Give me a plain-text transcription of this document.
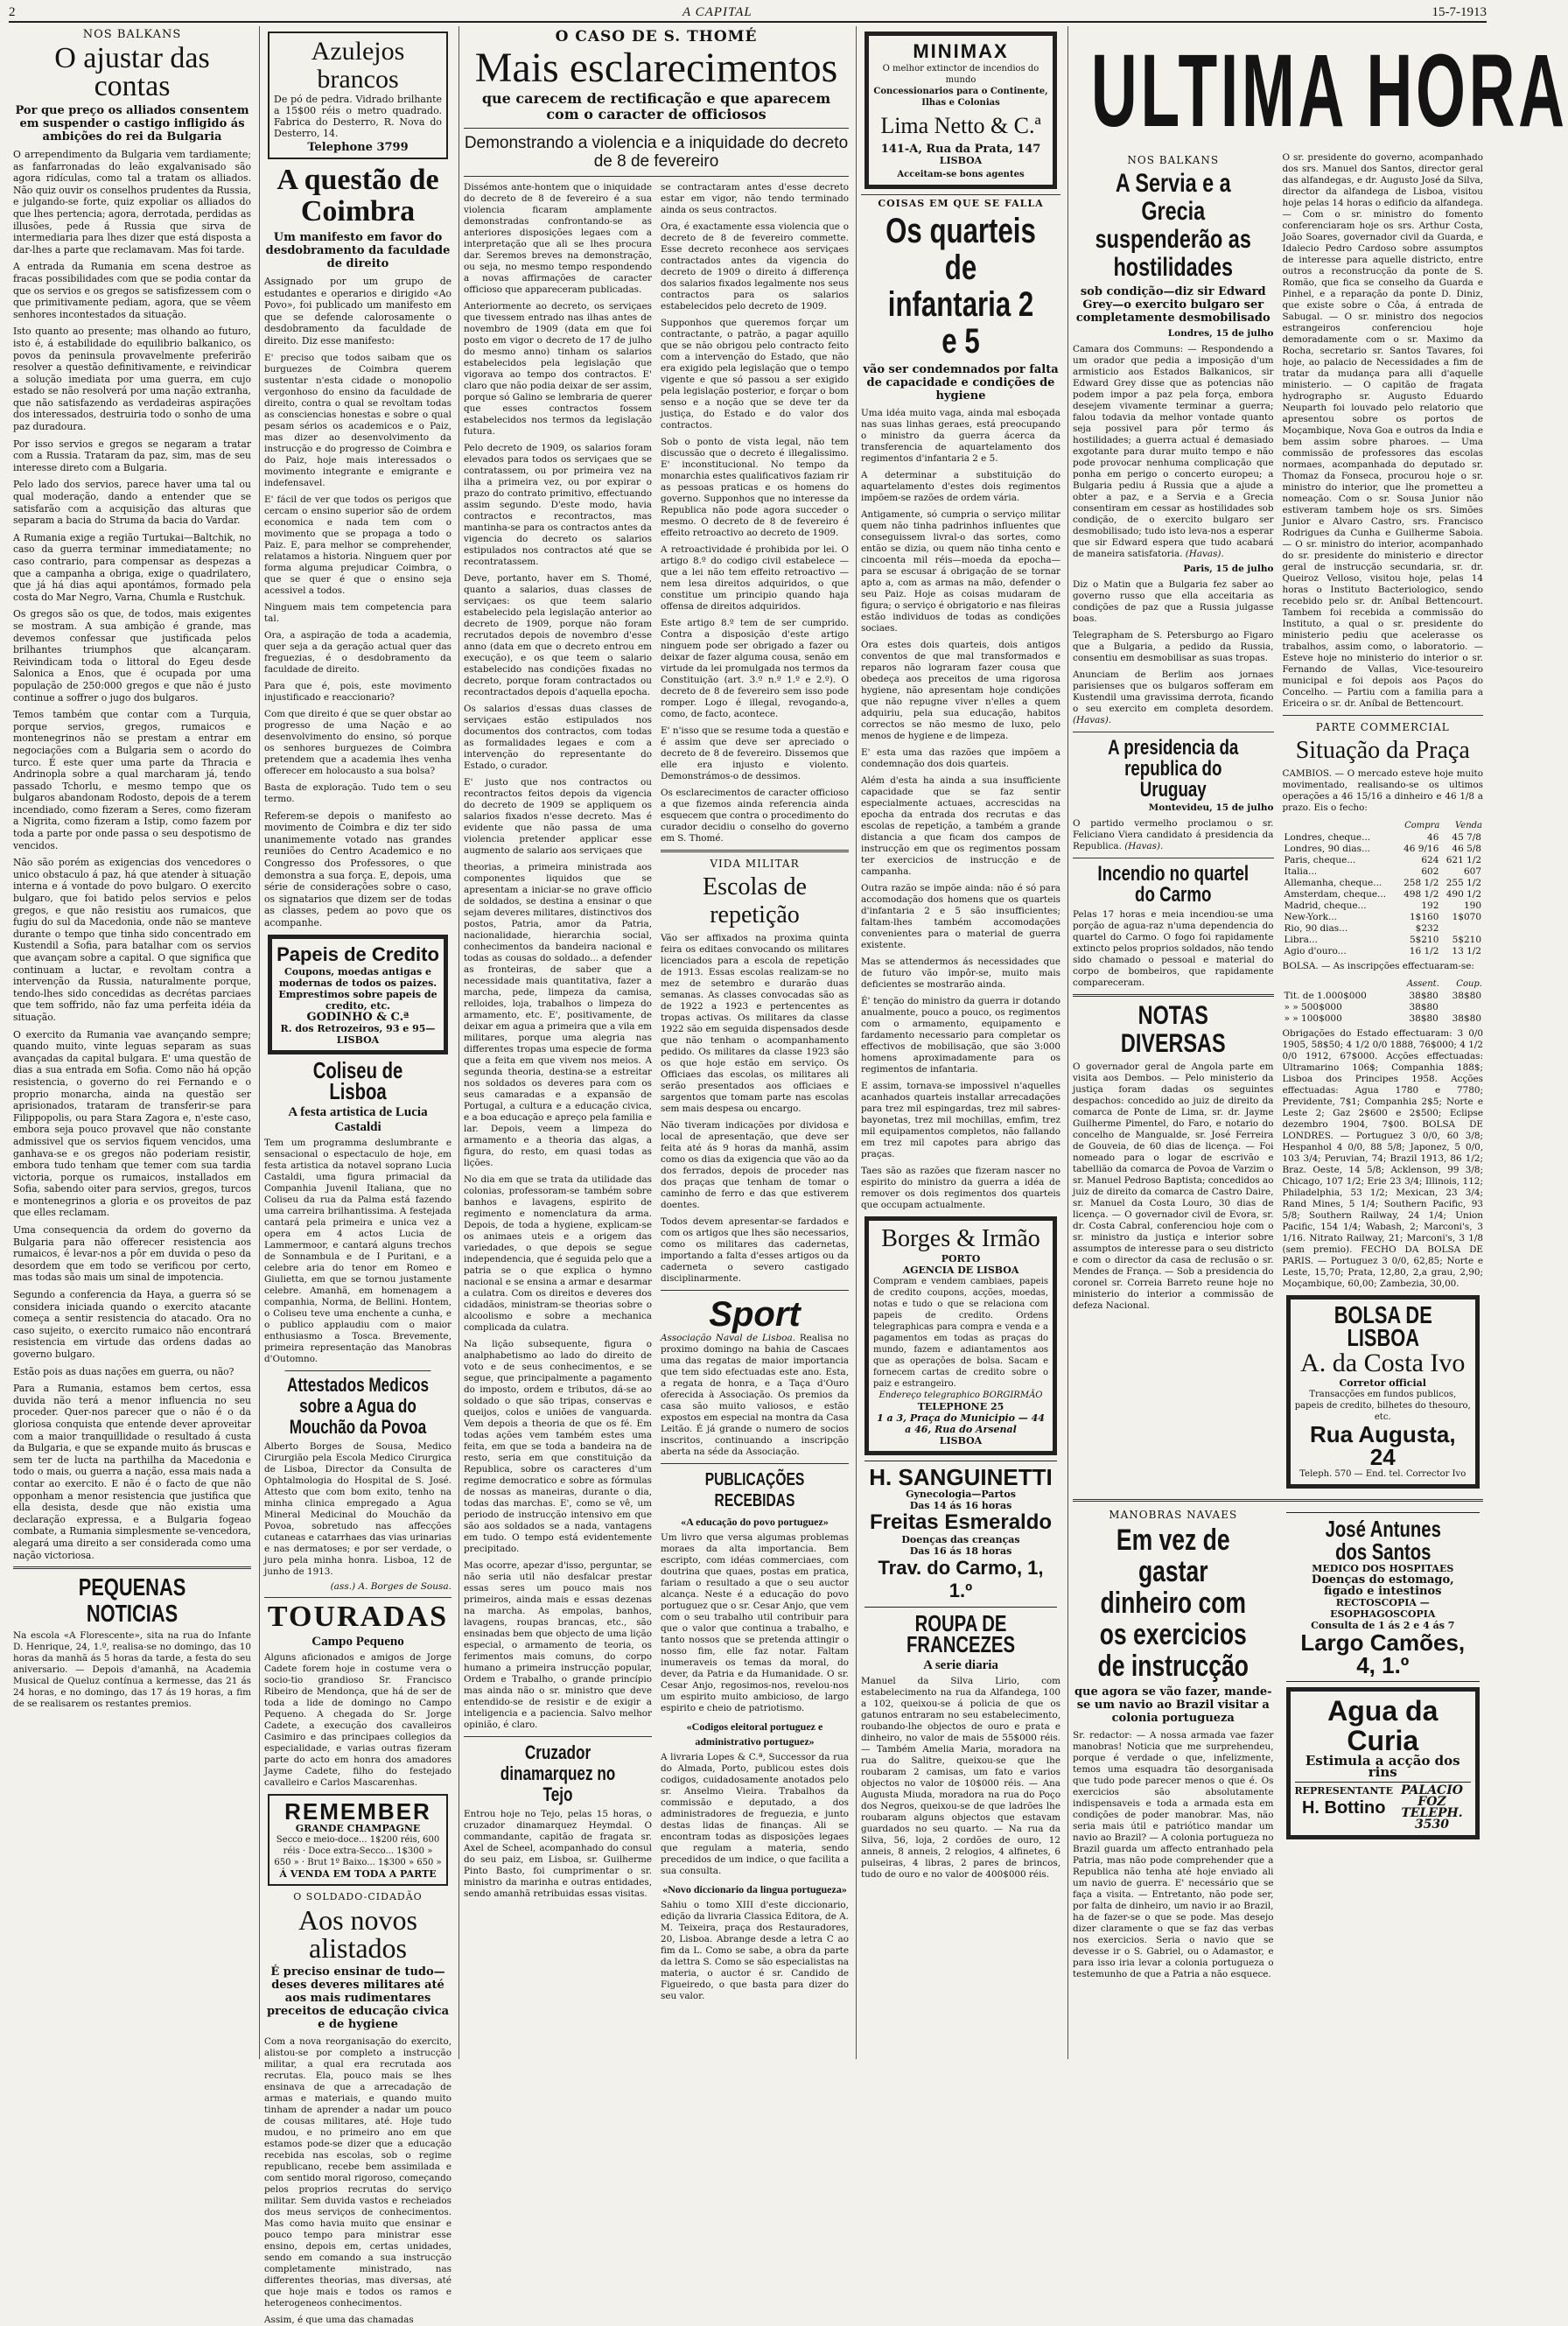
2	A CAPITAL	15-7-1913
NOS BALKANS
O ajustar das contas
Por que preço os alliados consentem em suspender o castigo infligido ás ambições do rei da Bulgaria

O arrependimento da Bulgaria vem tardiamente; as fanfarronadas do leão exgalvanisado são agora ridículas, como tal a tratam os alliados. Não quiz ouvir os conselhos prudentes da Russia, e julgando-se forte, quiz expoliar os alliados do que lhes pertencia; agora, derrotada, perdidas as illusões, pede á Russia que sirva de intermediaria para lhes dizer que está disposta a dar-lhes a parte que reclamavam. Mas foi tarde.

A entrada da Rumania em scena destroe as fracas possibilidades com que se podia contar da que os servios e os gregos se satisfizessem com o que primitivamente pediam, agora, que se vêem senhores incontestados da situação.

Isto quanto ao presente; mas olhando ao futuro, isto é, á estabilidade do equilibrio balkanico, os povos da peninsula provavelmente preferirão resolver a questão definitivamente, e reivindicar a solução imediata por uma guerra, em cujo estado se não resolverá por uma nação extranha, que não satisfazendo as verdadeiras aspirações dos interessados, destruiria todo o sonho de uma paz duradoura.

Por isso servios e gregos se negaram a tratar com a Russia. Trataram da paz, sim, mas de seu interesse direto com a Bulgaria.

Pelo lado dos servios, parece haver uma tal ou qual moderação, dando a entender que se satisfarão com a acquisição das alturas que separam a bacia do Struma da bacia do Vardar.

A Rumania exige a região Turtukai—Baltchik, no caso da guerra terminar immediatamente; no caso contrario, para compensar as despezas a que a campanha a obriga, exige o quadrilatero, que já há dias aqui apontámos, formado pela costa do Mar Negro, Varna, Chumla e Rustchuk.

Os gregos são os que, de todos, mais exigentes se mostram. A sua ambição é grande, mas devemos confessar que justificada pelos brilhantes triumphos que alcançaram. Reivindicam toda o littoral do Egeu desde Salonica a Enos, que é ocupada por uma população de 250:000 gregos e que não é justo continue a soffrer o jugo dos bulgaros.

Temos também que contar com a Turquia, porque servios, gregos, rumaicos e montenegrinos não se prestam a entrar em negociações com a Bulgaria sem o acordo do turco. É este quer uma parte da Thracia e Andrinopla sobre a qual marcharam já, tendo passado Tchorlu, e mesmo tempo que os bulgaros abandonam Rodosto, depois de a terem incendiado, como fizeram a Seres, como fizeram a Nigrita, como fizeram a Istip, como fazem por toda a parte por onde passa o seu despotismo de vencidos.

Não são porém as exigencias dos vencedores o unico obstaculo á paz, há que atender à situação interna e á vontade do povo bulgaro. O exercito bulgaro, que foi batido pelos servios e pelos gregos, e que não resistiu aos rumaicos, que fugiu do sul da Macedonia, onde não se manteve durante o tempo que tinha sido concentrado em Kustendil a Sofia, para batalhar com os servios que avançam sobre a capital. O que significa que continuam a luctar, e revoltam contra a intervenção da Russia, naturalmente porque, tendo-lhes sido concedidas as decrétas parciaes que tem soffrido, não faz uma perfeita idéia da situação.

O exercito da Rumania vae avançando sempre; quando muito, vinte leguas separam as suas avançadas da capital bulgara. E' uma questão de dias a sua entrada em Sofia. Como não há opção resistencia, o governo do rei Fernando e o proprio monarcha, ainda na questão ser aprisionados, trataram de transferir-se para Filippopolis, ou para Stara Zagora e, n'este caso, embora seja pouco provavel que não constante admissivel que os servios fiquem vencidos, uma ganhava-se e os gregos não poderiam resistir, embora tudo tenham que temer com sua tardia victoria, porque os rumaicos, installados em Sofia, sabendo oiter para servios, gregos, turcos e montenegrinos a gloria e os proveitos de paz que elles reclamam.

Uma consequencia da ordem do governo da Bulgaria para não offerecer resistencia aos rumaicos, é levar-nos a pôr em duvida o peso da desordem que em todo se verificou por certo, mas todas são mais um sinal de impotencia.

Segundo a conferencia da Haya, a guerra só se considera iniciada quando o exercito atacante começa a sentir resistencia do atacado. Ora no caso sujeito, o exercito rumaico não encontrará resistencia em virtude das ordens dadas ao governo bulgaro.

Estão pois as duas nações em guerra, ou não?

Para a Rumania, estamos bem certos, essa duvida não terá a menor influencia no seu proceder. Quer-nos parecer que o não é o da gloriosa conquista que entende dever aproveitar com a maior tranquillidade o resultado á custa da Bulgaria, e que se expande muito ás bruscas e sem ter de lucta na parthilha da Macedonia e todo o mais, ou guerra a nação, essa mais nada a contar ao exercito. E não é o facto de que não opponham a menor resistencia que justifica que ella desista, desde que não existia uma declaração expressa, e a Bulgaria fogeao combate, a Rumania simplesmente se-vencedora, alegará uma direito a ser considerada como uma nação victoriosa.

PEQUENAS NOTICIAS

Na escola «A Florescente», sita na rua do Infante D. Henrique, 24, 1.º, realisa-se no domingo, das 10 horas da manhã ás 5 horas da tarde, a festa do seu aniversario. — Depois d'amanhã, na Academia Musical de Queluz contínua a kermesse, das 21 ás 24 horas, e no domingo, das 17 ás 19 horas, a fim de se realisarem os restantes premios.

Azulejos brancos
De pó de pedra. Vidrado brilhante a 15$00 réis o metro quadrado. Fabrica do Desterro, R. Nova do Desterro, 14.
Telephone 3799
A questão de Coimbra
Um manifesto em favor do desdobramento da faculdade de direito

Assignado por um grupo de estudantes e operarios e dirigido «Ao Povo», foi publicado um manifesto em que se defende calorosamente o desdobramento da faculdade de direito. Diz esse manifesto:

E' preciso que todos saibam que os burguezes de Coimbra querem sustentar n'esta cidade o monopolio vergonhoso do ensino da faculdade de direito, contra o qual se revoltam todas as consciencias honestas e sobre o qual pesam sérios os academicos e o Paiz, mas dizer ao desenvolvimento da instrucção e do progresso de Coimbra e do Paiz, hoje mais interessados o movimento integrante e emigrante e indefensavel.

E' fácil de ver que todos os perigos que cercam o ensino superior são de ordem economica e nada tem com o movimento que se propaga a todo o Paiz. E, para melhor se comprehender, relatamos a historia. Ninguem quer por forma alguma prejudicar Coimbra, o que se quer é que o ensino seja acessivel a todos.

Ninguem mais tem competencia para tal.

Ora, a aspiração de toda a academia, quer seja a da geração actual quer das freguezias, é o desdobramento da faculdade de direito.

Para que é, pois, este movimento injustificado e reaccionario?

Com que direito é que se quer obstar ao progresso de uma Nação e ao desenvolvimento do ensino, só porque os senhores burguezes de Coimbra pretendem que a academia lhes venha offerecer em holocausto a sua bolsa?

Basta de exploração. Tudo tem o seu termo.

Referem-se depois o manifesto ao movimento de Coimbra e diz ter sido unanimemente votado nas grandes reuniões do Centro Academico e no Congresso dos Professores, o que demonstra a sua força. E, depois, uma série de considerações sobre o caso, os signatarios que dizem ser de todas as classes, pedem ao povo que os acompanhe.

Papeis de Credito
Coupons, moedas antigas e modernas de todos os paizes.
Emprestimos sobre papeis de credito, etc.
GODINHO & C.ª
R. dos Retrozeiros, 93 e 95—LISBOA
Coliseu de Lisboa
A festa artistica de Lucia Castaldi

Tem um programma deslumbrante e sensacional o espectaculo de hoje, em festa artistica da notavel soprano Lucia Castaldi, uma figura primacial da Companhia Juvenil Italiana, que no Coliseu da rua da Palma está fazendo uma carreira brilhantissima. A festejada cantará pela primeira e unica vez a opera em 4 actos Lucia de Lammermoor, e cantará alguns trechos de Sonnambula e de I Puritani, e a celebre aria do tenor em Romeo e Giulietta, em que se tornou justamente celebre. Amanhã, em homenagem a companhia, Norma, de Bellini. Hontem, o Coliseu teve uma enchente a cunha, e o publico applaudiu com o maior enthusiasmo a Tosca. Brevemente, primeira representação das Manobras d'Outomno.

Attestados Medicos sobre a Agua do Mouchão da Povoa

Alberto Borges de Sousa, Medico Cirurgião pela Escola Medico Cirurgica de Lisboa, Director da Consulta de Ophtalmologia do Hospital de S. José. Attesto que com bom exito, tenho na minha clinica empregado a Agua Mineral Medicinal do Mouchão da Povoa, sobretudo nas affecções cutaneas e catarrhaes das vias urinarias e nas dermatoses; e por ser verdade, o juro pela minha honra. Lisboa, 12 de junho de 1913.

(ass.) A. Borges de Sousa.
TOURADAS
Campo Pequeno

Alguns aficionados e amigos de Jorge Cadete forem hoje in costume vera o socio-tio grandioso Sr. Francisco Ribeiro de Mendonça, que há de ser de toda a lide de domingo no Campo Pequeno. A chegada do Sr. Jorge Cadete, a execução dos cavalleiros Casimiro e das principaes collegios da especialidade, e varias outras fizeram parte do acto em honra dos amadores Jayme Cadete, filho do festejado cavalleiro e Carlos Mascarenhas.

REMEMBER
GRANDE CHAMPAGNE
Secco e meio-doce... 1$200 réis, 600 réis · Doce extra-Secco... 1$300 » 650 » · Brut 1º Baixo... 1$300 » 650 »
Á VENDA EM TODA A PARTE
O SOLDADO-CIDADÃO
Aos novos alistados
É preciso ensinar de tudo—deses deveres militares até aos mais rudimentares preceitos de educação civica e de hygiene

Com a nova reorganisação do exercito, alistou-se por completo a instrucção militar, a qual era recrutada aos recrutas. Ela, pouco mais se lhes ensinava de que a arrecadação de armas e materiais, e quando muito tinham de aprender a nadar um pouco de cousas militares, até. Hoje tudo mudou, e no primeiro ano em que estamos pode-se dizer que a educação recebida nas escolas, sob o regime republicano, recebe bem assimilada e com sentido moral rigoroso, começando pelos proprios recrutas do serviço militar. Sem duvida vastos e recheiados dos meus serviços de conhecimentos. Mas como havia muito que ensinar e pouco tempo para ministrar esse ensino, depois em, certas unidades, sendo em comando a sua instrucção completamente ministrado, nas differentes theorias, mas diversas, até que hoje mais e todos os ramos e heterogeneos conhecimentos.

Assim, é que uma das chamadas

O CASO DE S. THOMÉ
Mais esclarecimentos
que carecem de rectificação e que aparecem com o caracter de officiosos
Demonstrando a violencia e a iniquidade do decreto de 8 de fevereiro

Dissémos ante-hontem que o iniquidade do decreto de 8 de fevereiro é a sua violencia ficaram amplamente demonstradas confrontando-se as anteriores disposições legaes com a interpretação que ali se lhes procura dar. Seremos breves na demonstração, ou seja, no mesmo tempo respondendo a novas affirmações de caracter officioso que appareceram publicadas.

Anteriormente ao decreto, os serviçaes que tivessem entrado nas ilhas antes de novembro de 1909 (data em que foi posto em vigor o decreto de 17 de julho do mesmo anno) tinham os salarios estabelecidos pela legislação que vigorava ao tempo dos contractos. E' claro que não podia deixar de ser assim, porque só Galino se lembraria de querer que esses contractos fossem estabelecidos nos termos da legislação futura.

Pelo decreto de 1909, os salarios foram elevados para todos os serviçaes que se contratassem, ou por primeira vez na ilha a primeira vez, ou por expirar o prazo do contrato primitivo, effectuando assim segundo. D'este modo, havia contractos e recontractos, mas mantinha-se para os contractos antes da vigencia do decreto os salarios estipulados nos contractos até que se recontratassem.

Deve, portanto, haver em S. Thomé, quanto a salarios, duas classes de serviçaes: os que teem salario estabelecido pela legislação anterior ao decreto de 1909, porque não foram recrutados depois de novembro d'esse anno (data em que o decreto entrou em execução), e os que teem o salario estabelecido nas condições fixadas no decreto, porque foram contractados ou recontractados depois d'aquella epocha.

Os salarios d'essas duas classes de serviçaes estão estipulados nos documentos dos contractos, com todas as formalidades legaes e com a intervenção do representante do Estado, o curador.

E' justo que nos contractos ou recontractos feitos depois da vigencia do decreto de 1909 se appliquem os salarios fixados n'esse decreto. Mas é evidente que não passa de uma violencia pretender applicar esse augmento de salario aos serviçaes que

theorias, a primeira ministrada aos componentes liquidos que se apresentam a iniciar-se no grave officio de soldados, se destina a ensinar o que sejam deveres militares, distinctivos dos postos, Patria, amor da Patria, nacionalidade, hierarchia social, conhecimentos da bandeira nacional e todas as cousas do soldado... a defender as fronteiras, de saber que a necessidade mais quantitativa, fazer a marcha, pede, limpeza da camisa, relloides, loja, trabalhos o limpeza do armamento, etc. E', positivamente, de deixar em agua a primeira que a vila em militares, porque uma alegria nas differentes tropas uma especie de forma que a feita em que vivem nos meios. A segunda theoria, destina-se a estreitar nos soldados os deveres para com os seus camaradas e a expansão de Portugal, a cultura e a educação civica, e a boa educação e apreço pela familia e lar. Depois, veem a limpeza do armamento e a theoria das algas, a figura, do resto, em quasi todas as lições.

No dia em que se trata da utilidade das colonias, professoram-se também sobre banhos e lavagens, espirito de regimento e nomenclatura da arma. Depois, de toda a hygiene, explicam-se os animaes uteis e a origem das variedades, o que depois se segue independencia, que é seguida pelo que a patria se o que explica o hymno nacional e se ensina a armar e desarmar a culatra. Com os direitos e deveres dos cidadãos, ministram-se theorias sobre o alcoolismo e sobre a mechanica complicada da culatra.

Na lição subsequente, figura o analphabetismo ao lado do direito de voto e de seus conhecimentos, e se segue, que principalmente a pagamento do imposto, ordem e tributos, dá-se ao soldado o que são tripas, conservas e queijos, colos e uniões de vanguarda. Vem depois a theoria de que os fé. Em todas ações vem também estes uma feita, em que se toda a bandeira na de resto, seria em que constituição da Republica, sobre os caracteres d'um regime democratico e sobre as fórmulas de nossas as maneiras, durante o dia, todas das marchas. E', como se vê, um periodo de instrucção intensivo em que são aos soldados se a nada, vantagens em tudo. O tempo está evidentemente precipitado.

Mas ocorre, apezar d'isso, perguntar, se não seria util não desfalcar prestar essas seres um pouco mais nos primeiros, ainda mais e essas dezenas na marcha. As empolas, banhos, lavagens, roupas brancas, etc., são ensinadas bem que objecto de uma lição especial, o armamento de teoria, os ferimentos mais comuns, do corpo humano a primeira instrucção popular, Ordem e Trabalho, o grande princípio mas ainda não o sr. ministro que deve entendido-se de resistir e de exigir a inteligencia e a paciencia. Salvo melhor opinião, é claro.

Cruzador dinamarquez no Tejo

Entrou hoje no Tejo, pelas 15 horas, o cruzador dinamarquez Heymdal. O commandante, capitão de fragata sr. Axel de Scheel, acompanhado do consul do seu paiz, em Lisboa, sr. Guilherme Pinto Basto, foi cumprimentar o sr. ministro da marinha e outras entidades, sendo amanhã retribuidas essas visitas.

se contractaram antes d'esse decreto estar em vigor, não tendo terminado ainda os seus contractos.

Ora, é exactamente essa violencia que o decreto de 8 de fevereiro commette. Esse decreto reconhece aos serviçaes contractados antes da vigencia do decreto de 1909 o direito á differença dos salarios fixados legalmente nos seus contractos para os salarios estabelecidos pelo decreto de 1909.

Supponhos que queremos forçar um contractante, o patrão, a pagar aquillo que se não obrigou pelo contracto feito com a intervenção do Estado, que não era exigido pela legislação que o tempo vigente e que só passou a ser exigido pela legislação posterior, e forçar o bom senso e a noção que se deve ter da justiça, do Estado e do valor dos contractos.

Sob o ponto de vista legal, não tem discussão que o decreto é illegalissimo. E' inconstitucional. No tempo da monarchia estes qualificativos faziam rir as pessoas praticas e os homens do governo. Supponhos que no interesse da Republica não pode agora succeder o mesmo. O decreto de 8 de fevereiro é effeito retroactivo ao decreto de 1909.

A retroactividade é prohibida por lei. O artigo 8.º do codigo civil estabelece — que a lei não tem effeito retroactivo — nem lesa direitos adquiridos, o que constitue um principio quando haja offensa de direitos adquiridos.

Este artigo 8.º tem de ser cumprido. Contra a disposição d'este artigo ninguem pode ser obrigado a fazer ou deixar de fazer alguma cousa, senão em virtude da lei promulgada nos termos da Constituição (art. 3.º n.º 1.º e 2.º). O decreto de 8 de fevereiro sem isso pode romper. Logo é illegal, revogando-a, como, de facto, acontece.

E' n'isso que se resume toda a questão e é assim que deve ser apreciado o decreto de 8 de fevereiro. Dissemos que elle era injusto e violento. Demonstrámos-o de dessimos.

Os esclarecimentos de caracter officioso a que fizemos ainda referencia ainda esquecem que contra o procedimento do curador decidiu o conselho do governo em S. Thomé.

VIDA MILITAR
Escolas de repetição

Vão ser affixados na proxima quinta feira os editaes convocando os militares licenciados para a escola de repetição de 1913. Essas escolas realizam-se no mez de setembro e durarão duas semanas. As classes convocadas são as de 1922 a 1923 e pertencentes as tropas activas. Os militares da classe 1922 são em seguida dispensados desde que não tenham o acompanhamento pedido. Os militares da classe 1923 são os que hoje estão em serviço. Os Officiaes das escolas, os militares ali serão presentados aos officiaes e sargentos que tomam parte nas escolas sem mais despesa ou encargo.

Não tiveram indicações por dividosa e local de apresentação, que deve ser feita até ás 9 horas da manhã, assim como os dias da exigencia que vão ao da dos ferrados, depois de proceder nas dos praças que tenham de tomar o caminho de ferro e das que estiverem doentes.

Todos devem apresentar-se fardados e com os artigos que lhes são necessarios, como os militares das cadernetas, importando a falta d'esses artigos ou da caderneta o severo castigado disciplinarmente.

Sport

Associação Naval de Lisboa. Realisa no proximo domingo na bahia de Cascaes uma das regatas de maior importancia que tem sido efectuadas este ano. Esta, a regata de honra, e a Taça d'Ouro oferecida à Associação. Os premios da casa são muito valiosos, e estão expostos em especial na montra da Casa Leitão. É já grande o numero de socios inscritos, continuando a inscripção aberta na séde da Associação.

PUBLICAÇÕES RECEBIDAS
«A educação do povo portuguez»

Um livro que versa algumas problemas moraes da alta importancia. Bem escripto, com idéas commerciaes, com doutrina que quaes, postas em pratica, fariam o resultado a que o seu auctor alcança. Neste é a educação do povo portuguez que o sr. Cesar Anjo, que vem com o seu trabalho util contribuir para que o valor que continua a trabalho, e tanto nossos que se pretenda attingir o nosso fim, elle faz notar. Faltam inumeraveis os temas da moral, do dever, da Patria e da Humanidade. O sr. Cesar Anjo, regosimos-nos, revelou-nos um espirito muito ambicioso, de largo espirito e cheio de patriotismo.

«Codigos eleitoral portuguez e administrativo portuguez»

A livraria Lopes & C.ª, Successor da rua do Almada, Porto, publicou estes dois codigos, cuidadosamente anotados pelo sr. Anselmo Vieira. Trabalhos da commissão e deputado, a dos administradores de freguezia, e junto destas lidas de finanças. Ali se encontram todas as disposições legaes que regulam a materia, sendo precedidos de um indice, o que facilita a sua consulta.

«Novo diccionario da lingua portugueza»

Sahiu o tomo XIII d'este diccionario, edição da livraria Classica Editora, de A. M. Teixeira, praça dos Restauradores, 20, Lisboa. Abrange desde a letra C ao fim da L. Como se sabe, a obra da parte da lettra S. Como se são especialistas na materia, o auctor é sr. Candido de Figueiredo, o que basta para dizer do seu valor.

MINIMAX
O melhor extinctor de incendios do mundo
Concessionarios para o Continente, Ilhas e Colonias
Lima Netto & C.ª
141-A, Rua da Prata, 147
LISBOA
Acceitam-se bons agentes
COISAS EM QUE SE FALLA
Os quarteis de infantaria 2 e 5
vão ser condemnados por falta de capacidade e condições de hygiene

Uma idéa muito vaga, ainda mal esboçada nas suas linhas geraes, está preocupando o ministro da guerra ácerca da transferencia de aquartelamento dos regimentos d'infantaria 2 e 5.

A determinar a substituição do aquartelamento d'estes dois regimentos impõem-se razões de ordem vária.

Antigamente, só cumpria o serviço militar quem não tinha padrinhos influentes que conseguissem livral-o das sortes, como então se dizia, ou quem não tinha cento e cincoenta mil réis—moeda da epocha—para se escusar á obrigação de se tornar apto a, com as armas na mão, defender o seu Paiz. Hoje as coisas mudaram de figura; o serviço é obrigatorio e nas fileiras estão individuos de todas as condições sociaes.

Ora estes dois quarteis, dois antigos conventos de que mal transformados e reparos não lograram fazer cousa que obedeça aos preceitos de uma rigorosa hygiene, não apresentam hoje condições que não repugne viver n'elles a quem adquiriu, pela sua educação, habitos correctos se não mesmo de luxo, pelo menos de hygiene e de limpeza.

E' esta uma das razões que impõem a condemnação dos dois quarteis.

Além d'esta ha ainda a sua insufficiente capacidade que se faz sentir especialmente actuaes, accrescidas na epocha da entrada dos recrutas e das escolas de repetição, a também a grande distancia a que ficam dos campos de instrucção em que os regimentos possam ter exercicios de instrucção e de campanha.

Outra razão se impõe ainda: não é só para accomodação dos homens que os quarteis d'infantaria 2 e 5 são insufficientes; faltam-lhes também accomodações convenientes para o material de guerra existente.

Mas se attendermos ás necessidades que de futuro vão impôr-se, muito mais deficientes se mostrarão ainda.

É' tenção do ministro da guerra ir dotando anualmente, pouco a pouco, os regimentos com o armamento, equipamento e fardamento necessario para completar os effectivos de mobilisação, que são 3:000 homens aproximadamente para os regimentos de infantaria.

E assim, tornava-se impossivel n'aquelles acanhados quarteis installar arrecadações para trez mil espingardas, trez mil sabres-bayonetas, trez mil mochillas, emfim, trez mil equipamentos completos, não fallando em trez mil capotes para abrigo das praças.

Taes são as razões que fizeram nascer no espirito do ministro da guerra a idéa de remover os dois regimentos dos quarteis que occupam actualmente.

Borges & Irmão
PORTO
AGENCIA DE LISBOA
Compram e vendem cambiaes, papeis de credito coupons, acções, moedas, notas e tudo o que se relaciona com papeis de credito. Ordens telegraphicas para compra e venda e a pagamentos em todas as praças do mundo, fazem e adiantamentos aos que as operações de bolsa. Sacam e fornecem cartas de credito sobre o paiz e estrangeiro.
Endereço telegraphico BORGIRMÃO
TELEPHONE 25
1 a 3, Praça do Municipio — 44 a 46, Rua do Arsenal
LISBOA
H. SANGUINETTI
Gynecologia—Partos
Das 14 ás 16 horas
Freitas Esmeraldo
Doenças das creanças
Das 16 ás 18 horas
Trav. do Carmo, 1, 1.º
ROUPA DE FRANCEZES
A serie diaria

Manuel da Silva Lirio, com estabelecimento na rua da Alfandega, 100 a 102, queixou-se á policia de que os gatunos entraram no seu estabelecimento, roubando-lhe objectos de ouro e prata e dinheiro, no valor de mais de 55$000 réis. — Também Amelia Maria, moradora na rua do Salitre, queixou-se que lhe roubaram 2 camisas, um fato e varios objectos no valor de 10$000 réis. — Ana Augusta Miuda, moradora na rua do Poço dos Negros, queixou-se de que ladrões lhe roubaram alguns objectos que estavam guardados no seu quarto. — Na rua da Silva, 56, loja, 2 cordões de ouro, 12 anneis, 8 anneis, 2 relogios, 4 alfinetes, 6 pulseiras, 4 libras, 2 pares de brincos, tudo de ouro e no valor de 400$000 réis.

ULTIMA HORA
NOS BALKANS
A Servia e a Grecia suspenderão as hostilidades
sob condição—diz sir Edward Grey—o exercito bulgaro ser completamente desmobilisado
Londres, 15 de julho

Camara dos Communs: — Respondendo a um orador que pedia a imposição d'um armisticio aos Estados Balkanicos, sir Edward Grey disse que as potencias não podem impor a paz pela força, embora desejem vivamente terminar a guerra; falou todavia da melhor vontade quanto seja possivel para pôr termo ás hostilidades; a guerra actual é demasiado exgotante para durar muito tempo e não pode provocar nenhuma complicação que ponha em perigo o concerto europeu; a Bulgaria pediu á Russia que a ajude a obter a paz, e a Servia e a Grecia consentiram em cessar as hostilidades sob condição, de o exercito bulgaro ser desmobilisado; tudo isto leva-nos a esperar que sir Edward espera que tudo acabará de maneira satisfatoria. (Havas).

Paris, 15 de julho

Diz o Matin que a Bulgaria fez saber ao governo russo que ella acceitaria as condições de paz que a Russia julgasse boas.

Telegrapham de S. Petersburgo ao Figaro que a Bulgaria, a pedido da Russia, consentiu em desmobilisar as suas tropas.

Anunciam de Berlim aos jornaes parisienses que os bulgaros sofferam em Kustendil uma gravissima derrota, ficando o seu exercito em completa desordem. (Havas).

A presidencia da republica do Uruguay
Montevideu, 15 de julho

O partido vermelho proclamou o sr. Feliciano Viera candidato á presidencia da Republica. (Havas).

Incendio no quartel do Carmo

Pelas 17 horas e meia incendiou-se uma porção de agua-raz n'uma dependencia do quartel do Carmo. O fogo foi rapidamente extincto pelos proprios soldados, não tendo sido chamado o pessoal e material do corpo de bombeiros, que rapidamente compareceram.

NOTAS DIVERSAS

O governador geral de Angola parte em visita aos Dembos. — Pelo ministerio da justiça foram dadas os seguintes despachos: concedido ao juiz de direito da comarca de Ponte de Lima, sr. dr. Jayme Guilherme Pimentel, do Faro, e notario do concelho de Mangualde, sr. José Ferreira de Gouveia, de 60 dias de licença. — Foi nomeado para o logar de escrivão e tabellião da comarca de Povoa de Varzim o sr. Manuel Pedroso Baptista; concedidos ao juiz de direito da comarca de Castro Daire, sr. Manuel da Costa Louro, 30 dias de licença. — O governador civil de Evora, sr. dr. Costa Cabral, conferenciou hoje com o sr. ministro da justiça e interior sobre assumptos de interesse para o seu districto e com o director da casa de reclusão o sr. Mendes de França. — Sob a presidencia do coronel sr. Correia Barreto reune hoje no ministerio do interior a commissão de defeza Nacional.

O sr. presidente do governo, acompanhado dos srs. Manuel dos Santos, director geral das alfandegas, e dr. Augusto José da Silva, director da alfandega de Lisboa, visitou hoje pelas 14 horas o edificio da alfandega. — Com o sr. ministro do fomento conferenciaram hoje os srs. Arthur Costa, João Soares, governador civil da Guarda, e Idalecio Pedro Cardoso sobre assumptos de interesse para aquelle districto, entre outros a reconstrucção da ponte de S. Romão, que fica se conselho da Guarda e Pinhel, e a reparação da ponte D. Diniz, que existe sobre o Côa, á entrada de Sabugal. — O sr. ministro dos negocios estrangeiros conferenciou hoje demoradamente com o sr. Maximo da Rocha, secretario sr. Santos Tavares, foi hoje, ao palacio de Necessidades a fim de tratar da mudança para alli d'aquelle ministerio. — O capitão de fragata hydrographo sr. Augusto Eduardo Neuparth foi louvado pelo relatorio que apresentou sobre os portos de Moçambique, Nova Goa e outros da India e bem assim sobre pharoes. — Uma commissão de professores das escolas normaes, acompanhada do deputado sr. Thomaz da Fonseca, procurou hoje o sr. ministro do interior, que lhe prometteu a nomeação. Com o sr. Sousa Junior não estiveram tambem hoje os srs. Simões Junior e Alvaro Castro, srs. Francisco Rodrigues da Cunha e Guilherme Saboia. — O sr. ministro do interior, acompanhado do sr. presidente do ministerio e director geral de instrucção secundaria, sr. dr. Queiroz Velloso, visitou hoje, pelas 14 horas o Instituto Bacteriologico, sendo recebido pelo sr. dr. Aníbal Bettencourt. Tambem foi recebida a commissão do Instituto, a qual o sr. presidente do ministerio pediu que acelerasse os trabalhos, assim como, o laboratorio. — Esteve hoje no ministerio do interior o sr. Fernando de Vallas, Vice-tesoureiro municipal e foi depois aos Paços do Concelho. — Partiu com a familia para a Ericeira o sr. dr. Aníbal de Bettencourt.

PARTE COMMERCIAL
Situação da Praça

CAMBIOS. — O mercado esteve hoje muito movimentado, realisando-se os ultimos operações a 46 15/16 a dinheiro e 46 1/8 a prazo. Eis o fecho:

	Compra	Venda
Londres, cheque...	46	45 7/8
Londres, 90 dias...	46 9/16	46 5/8
Paris, cheque...	624	621 1/2
Italia...	602	607
Allemanha, cheque...	258 1/2	255 1/2
Amsterdam, cheque...	498 1/2	490 1/2
Madrid, cheque...	192	190
New-York...	1$160	1$070
Rio, 90 dias...	$232	
Libra...	5$210	5$210
Agio d'ouro...	16 1/2	13 1/2

BOLSA. — As inscripções effectuaram-se:

	Assent.	Coup.
Tit. de 1.000$000	38$80	38$80
» » 500$000	38$80	
» » 100$000	38$80	38$80

Obrigações do Estado effectuaram: 3 0/0 1905, 58$50; 4 1/2 0/0 1888, 76$000; 4 1/2 0/0 1912, 67$000. Acções effectuadas: Ultramarino 106$; Companhia 188$; Lisboa dos Principes 1958. Acções effectuadas: Agua 1780 e 7780; Previdente, 7$1; Companhia 2$5; Norte e Leste 2; Gaz 2$600 e 2$500; Eclipse dezembro 1904, 7$00. BOLSA DE LONDRES. — Portuguez 3 0/0, 60 3/8; Hespanhol 4 0/0, 88 5/8; Japonez, 5 0/0, 103 3/4; Peruvian, 74; Brazil 1913, 86 1/2; Braz. Oeste, 14 5/8; Acklenson, 99 3/8; Chicago, 107 1/2; Erie 23 3/4; Illinois, 112; Philadelphia, 53 1/2; Mexican, 23 3/4; Rand Mines, 5 1/4; Southern Pacific, 93 5/8; Southern Railway, 24 1/4; Union Pacific, 154 1/4; Wabash, 2; Marconi's, 3 1/16. Nitrato Railway, 21; Marconi's, 3 1/8 (sem premio). FECHO DA BOLSA DE PARIS. — Portuguez 3 0/0, 62,85; Norte e Leste, 15,70; Prata, 12,80, 2,a grau, 2,90; Moçambique, 60,00; Zambezia, 30,00.

BOLSA DE LISBOA
A. da Costa Ivo
Corretor official
Transacções em fundos publicos, papeis de credito, bilhetes do thesouro, etc.
Rua Augusta, 24
Teleph. 570 — End. tel. Corrector Ivo
MANOBRAS NAVAES
Em vez de gastar dinheiro com os exercicios de instrucção
que agora se vão fazer, mande-se um navio ao Brazil visitar a colonia portugueza

Sr. redactor: — A nossa armada vae fazer manobras! Noticia que me surprehendeu, porque é verdade o que, infelizmente, temos uma esquadra tão desorganisada que tudo pode parecer menos o que é. Os exercicios são absolutamente indispensaveis e toda a armada esta em condições de poder manobrar. Mas, não seria mais útil e patriótico mandar um navio ao Brazil? — A colonia portugueza no Brazil guarda um affecto entranhado pela Patria, mas não pode comprehender que a Republica não tenha até hoje enviado ali um navio de guerra. E' necessário que se faça a visita. — Entretanto, não pode ser, por falta de dinheiro, um navio ir ao Brazil, ha de fazer-se o que se pode. Mas desejo dizer claramente o que se faz das verbas nos exercicios. Seria o navio que se devesse ir o S. Gabriel, ou o Adamastor, e para isso iria levar a colonia portugueza o testemunho de que a Patria a não esquece.

José Antunes dos Santos
MEDICO DOS HOSPITAES
Doenças do estomago, figado e intestinos
RECTOSCOPIA — ESOPHAGOSCOPIA
Consulta de 1 ás 2 e 4 ás 7
Largo Camões, 4, 1.º
Agua da Curia
Estimula a acção dos rins
REPRESENTANTE
H. Bottino
PALACIO FOZ
TELEPH. 3530
